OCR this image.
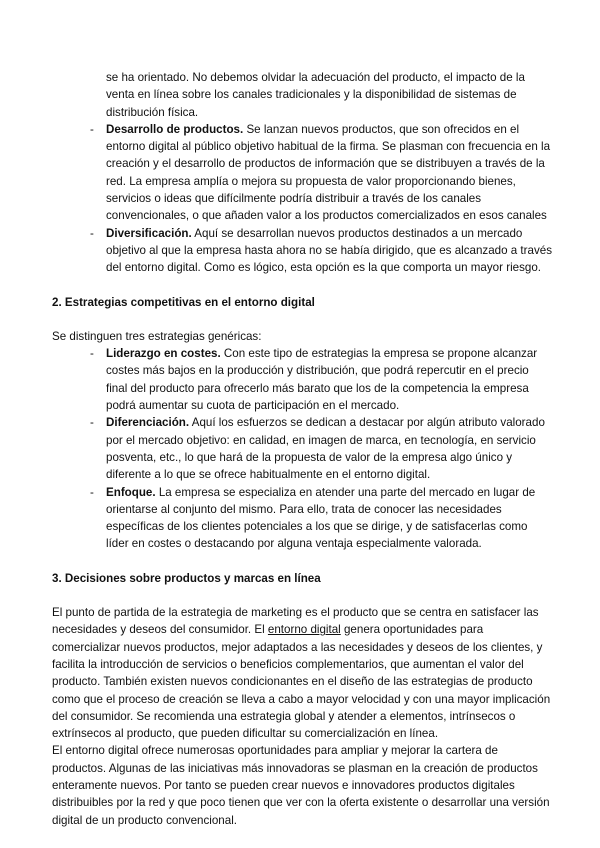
se ha orientado. No debemos olvidar la adecuación del producto, el impacto de la venta en línea sobre los canales tradicionales y la disponibilidad de sistemas de distribución física.

- Desarrollo de productos. Se lanzan nuevos productos, que son ofrecidos en el entorno digital al público objetivo habitual de la firma. Se plasman con frecuencia en la creación y el desarrollo de productos de información que se distribuyen a través de la red. La empresa amplía o mejora su propuesta de valor proporcionando bienes, servicios o ideas que difícilmente podría distribuir a través de los canales convencionales, o que añaden valor a los productos comercializados en esos canales
- Diversificación. Aquí se desarrollan nuevos productos destinados a un mercado objetivo al que la empresa hasta ahora no se había dirigido, que es alcanzado a través del entorno digital. Como es lógico, esta opción es la que comporta un mayor riesgo.

2. Estrategias competitivas en el entorno digital

Se distinguen tres estrategias genéricas:

- Liderazgo en costes. Con este tipo de estrategias la empresa se propone alcanzar costes más bajos en la producción y distribución, que podrá repercutir en el precio final del producto para ofrecerlo más barato que los de la competencia la empresa podrá aumentar su cuota de participación en el mercado.
- Diferenciación. Aquí los esfuerzos se dedican a destacar por algún atributo valorado por el mercado objetivo: en calidad, en imagen de marca, en tecnología, en servicio posventa, etc., lo que hará de la propuesta de valor de la empresa algo único y diferente a lo que se ofrece habitualmente en el entorno digital.
- Enfoque. La empresa se especializa en atender una parte del mercado en lugar de orientarse al conjunto del mismo. Para ello, trata de conocer las necesidades específicas de los clientes potenciales a los que se dirige, y de satisfacerlas como líder en costes o destacando por alguna ventaja especialmente valorada.

3. Decisiones sobre productos y marcas en línea

El punto de partida de la estrategia de marketing es el producto que se centra en satisfacer las necesidades y deseos del consumidor. El entorno digital genera oportunidades para comercializar nuevos productos, mejor adaptados a las necesidades y deseos de los clientes, y facilita la introducción de servicios o beneficios complementarios, que aumentan el valor del producto. También existen nuevos condicionantes en el diseño de las estrategias de producto como que el proceso de creación se lleva a cabo a mayor velocidad y con una mayor implicación del consumidor. Se recomienda una estrategia global y atender a elementos, intrínsecos o extrínsecos al producto, que pueden dificultar su comercialización en línea.

El entorno digital ofrece numerosas oportunidades para ampliar y mejorar la cartera de productos. Algunas de las iniciativas más innovadoras se plasman en la creación de productos enteramente nuevos. Por tanto se pueden crear nuevos e innovadores productos digitales distribuibles por la red y que poco tienen que ver con la oferta existente o desarrollar una versión digital de un producto convencional.
